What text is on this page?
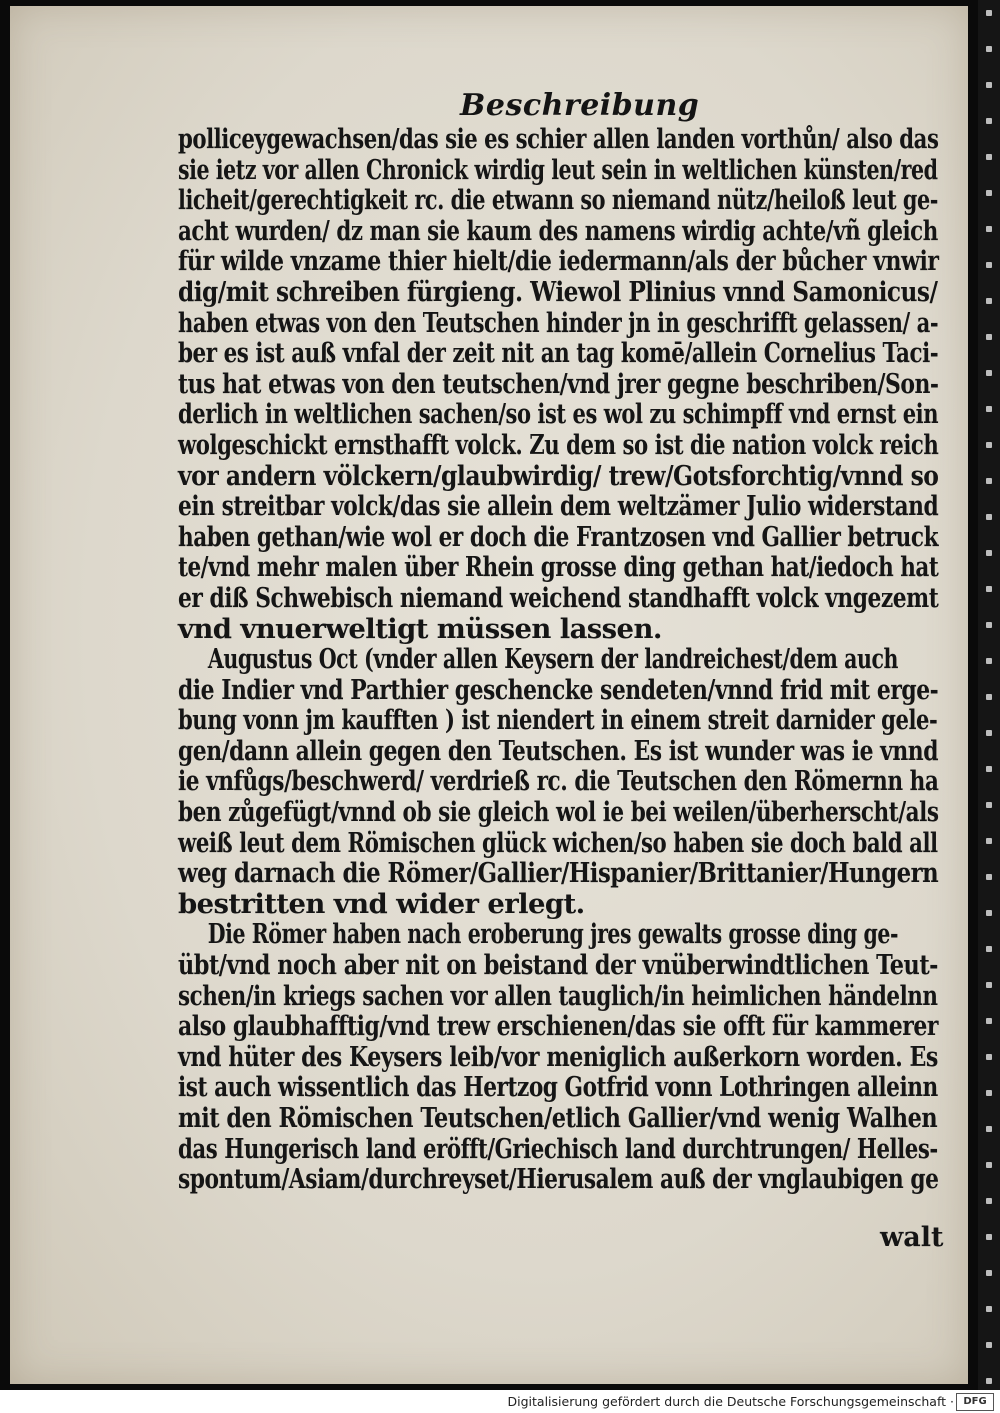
Beschreibung
polliceygewachsen/das sie es schier allen landen vorthůn/ also das
sie ietz vor allen Chronick wirdig leut sein in weltlichen künsten/red
licheit/gerechtigkeit rc. die etwann so niemand nütz/heiloß leut ge-
acht wurden/ dz man sie kaum des namens wirdig achte/vñ gleich
für wilde vnzame thier hielt/die iedermann/als der bůcher vnwir
dig/mit schreiben fürgieng. Wiewol Plinius vnnd Samonicus/
haben etwas von den Teutschen hinder jn in geschrifft gelassen/ a-
ber es ist auß vnfal der zeit nit an tag komē/allein Cornelius Taci-
tus hat etwas von den teutschen/vnd jrer gegne beschriben/Son-
derlich in weltlichen sachen/so ist es wol zu schimpff vnd ernst ein
wolgeschickt ernsthafft volck. Zu dem so ist die nation volck reich
vor andern völckern/glaubwirdig/ trew/Gotsforchtig/vnnd so
ein streitbar volck/das sie allein dem weltzämer Julio widerstand
haben gethan/wie wol er doch die Frantzosen vnd Gallier betruck
te/vnd mehr malen über Rhein grosse ding gethan hat/iedoch hat
er diß Schwebisch niemand weichend standhafft volck vngezemt
vnd vnuerweltigt müssen lassen.
Augustus Oct (vnder allen Keysern der landreichest/dem auch
die Indier vnd Parthier geschencke sendeten/vnnd frid mit erge-
bung vonn jm kaufften ) ist niendert in einem streit darnider gele-
gen/dann allein gegen den Teutschen. Es ist wunder was ie vnnd
ie vnfůgs/beschwerd/ verdrieß rc. die Teutschen den Römernn ha
ben zůgefügt/vnnd ob sie gleich wol ie bei weilen/überherscht/als
weiß leut dem Römischen glück wichen/so haben sie doch bald all
weg darnach die Römer/Gallier/Hispanier/Brittanier/Hungern
bestritten vnd wider erlegt.
Die Römer haben nach eroberung jres gewalts grosse ding ge-
übt/vnd noch aber nit on beistand der vnüberwindtlichen Teut-
schen/in kriegs sachen vor allen tauglich/in heimlichen händelnn
also glaubhafftig/vnd trew erschienen/das sie offt für kammerer
vnd hüter des Keysers leib/vor meniglich außerkorn worden. Es
ist auch wissentlich das Hertzog Gotfrid vonn Lothringen alleinn
mit den Römischen Teutschen/etlich Gallier/vnd wenig Walhen
das Hungerisch land eröfft/Griechisch land durchtrungen/ Helles-
spontum/Asiam/durchreyset/Hierusalem auß der vnglaubigen ge
walt
Digitalisierung gefördert durch die Deutsche Forschungsgemeinschaft · DFG
